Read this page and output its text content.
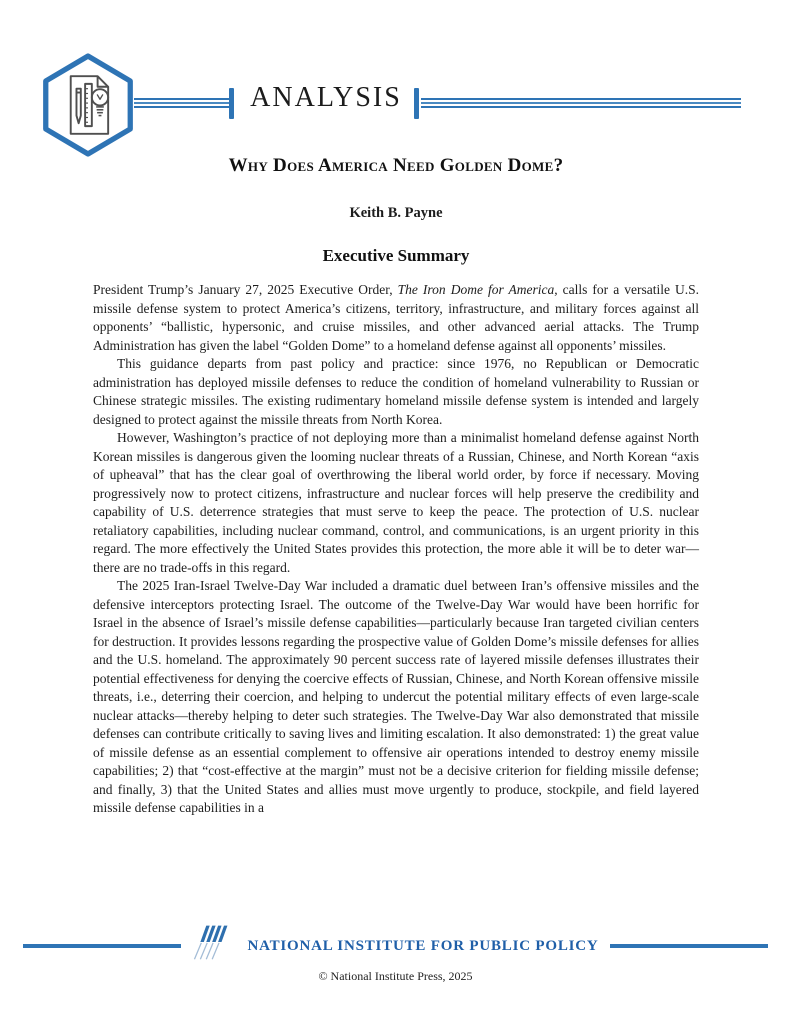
ANALYSIS
Why Does America Need Golden Dome?
Keith B. Payne
Executive Summary

President Trump’s January 27, 2025 Executive Order, The Iron Dome for America, calls for a versatile U.S. missile defense system to protect America’s citizens, territory, infrastructure, and military forces against all opponents’ “ballistic, hypersonic, and cruise missiles, and other advanced aerial attacks. The Trump Administration has given the label “Golden Dome” to a homeland defense against all opponents’ missiles.

This guidance departs from past policy and practice: since 1976, no Republican or Democratic administration has deployed missile defenses to reduce the condition of homeland vulnerability to Russian or Chinese strategic missiles. The existing rudimentary homeland missile defense system is intended and largely designed to protect against the missile threats from North Korea.

However, Washington’s practice of not deploying more than a minimalist homeland defense against North Korean missiles is dangerous given the looming nuclear threats of a Russian, Chinese, and North Korean “axis of upheaval” that has the clear goal of overthrowing the liberal world order, by force if necessary. Moving progressively now to protect citizens, infrastructure and nuclear forces will help preserve the credibility and capability of U.S. deterrence strategies that must serve to keep the peace. The protection of U.S. nuclear retaliatory capabilities, including nuclear command, control, and communications, is an urgent priority in this regard. The more effectively the United States provides this protection, the more able it will be to deter war—there are no trade-offs in this regard.

The 2025 Iran-Israel Twelve-Day War included a dramatic duel between Iran’s offensive missiles and the defensive interceptors protecting Israel. The outcome of the Twelve-Day War would have been horrific for Israel in the absence of Israel’s missile defense capabilities—particularly because Iran targeted civilian centers for destruction. It provides lessons regarding the prospective value of Golden Dome’s missile defenses for allies and the U.S. homeland. The approximately 90 percent success rate of layered missile defenses illustrates their potential effectiveness for denying the coercive effects of Russian, Chinese, and North Korean offensive missile threats, i.e., deterring their coercion, and helping to undercut the potential military effects of even large-scale nuclear attacks—thereby helping to deter such strategies. The Twelve-Day War also demonstrated that missile defenses can contribute critically to saving lives and limiting escalation. It also demonstrated: 1) the great value of missile defense as an essential complement to offensive air operations intended to destroy enemy missile capabilities; 2) that “cost-effective at the margin” must not be a decisive criterion for fielding missile defense; and finally, 3) that the United States and allies must move urgently to produce, stockpile, and field layered missile defense capabilities in a

NATIONAL INSTITUTE FOR PUBLIC POLICY
© National Institute Press, 2025
